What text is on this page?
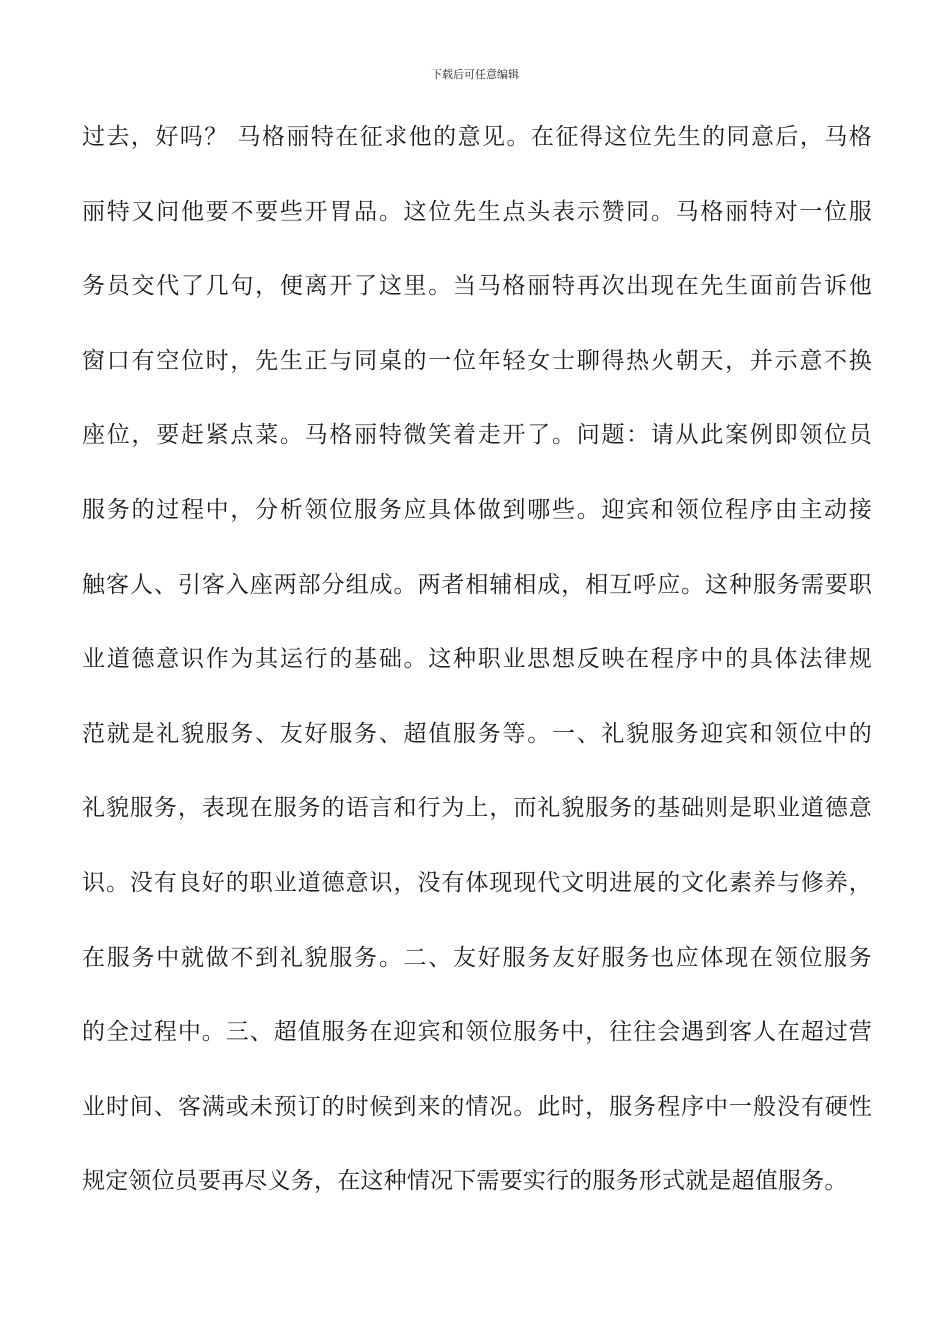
下载后可任意编辑
过去，好吗？ 马格丽特在征求他的意见。在征得这位先生的同意后，马格
丽特又问他要不要些开胃品。这位先生点头表示赞同。马格丽特对一位服
务员交代了几句，便离开了这里。当马格丽特再次出现在先生面前告诉他
窗口有空位时，先生正与同桌的一位年轻女士聊得热火朝天，并示意不换
座位，要赶紧点菜。马格丽特微笑着走开了。问题：请从此案例即领位员
服务的过程中，分析领位服务应具体做到哪些。迎宾和领位程序由主动接
触客人、引客入座两部分组成。两者相辅相成，相互呼应。这种服务需要职
业道德意识作为其运行的基础。这种职业思想反映在程序中的具体法律规
范就是礼貌服务、友好服务、超值服务等。一、礼貌服务迎宾和领位中的
礼貌服务，表现在服务的语言和行为上，而礼貌服务的基础则是职业道德意
识。没有良好的职业道德意识，没有体现现代文明进展的文化素养与修养，
在服务中就做不到礼貌服务。二、友好服务友好服务也应体现在领位服务
的全过程中。三、超值服务在迎宾和领位服务中，往往会遇到客人在超过营
业时间、客满或未预订的时候到来的情况。此时，服务程序中一般没有硬性
规定领位员要再尽义务，在这种情况下需要实行的服务形式就是超值服务。
